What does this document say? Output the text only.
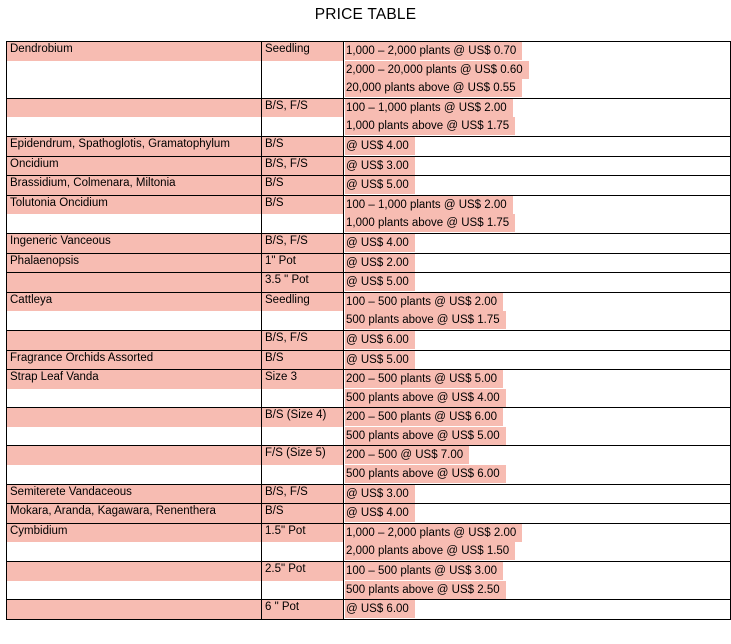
PRICE TABLE
Dendrobium	Seedling	1,000 – 2,000 plants @ US$ 0.70
		2,000 – 20,000 plants @ US$ 0.60
		20,000 plants above @ US$ 0.55
	B/S, F/S	100 – 1,000 plants @ US$ 2.00
		1,000 plants above @ US$ 1.75
Epidendrum, Spathoglotis, Gramatophylum	B/S	@ US$ 4.00
Oncidium	B/S, F/S	@ US$ 3.00
Brassidium, Colmenara, Miltonia	B/S	@ US$ 5.00
Tolutonia Oncidium	B/S	100 – 1,000 plants @ US$ 2.00
		1,000 plants above @ US$ 1.75
Ingeneric Vanceous	B/S, F/S	@ US$ 4.00
Phalaenopsis	1" Pot	@ US$ 2.00
	3.5 " Pot	@ US$ 5.00
Cattleya	Seedling	100 – 500 plants @ US$ 2.00
		500 plants above @ US$ 1.75
	B/S, F/S	@ US$ 6.00
Fragrance Orchids Assorted	B/S	@ US$ 5.00
Strap Leaf Vanda	Size 3	200 – 500 plants @ US$ 5.00
		500 plants above @ US$ 4.00
	B/S (Size 4)	200 – 500 plants @ US$ 6.00
		500 plants above @ US$ 5.00
	F/S (Size 5)	200 – 500 @ US$ 7.00
		500 plants above @ US$ 6.00
Semiterete Vandaceous	B/S, F/S	@ US$ 3.00
Mokara, Aranda, Kagawara, Renenthera	B/S	@ US$ 4.00
Cymbidium	1.5" Pot	1,000 – 2,000 plants @ US$ 2.00
		2,000 plants above @ US$ 1.50
	2.5" Pot	100 – 500 plants @ US$ 3.00
		500 plants above @ US$ 2.50
	6 " Pot	@ US$ 6.00
